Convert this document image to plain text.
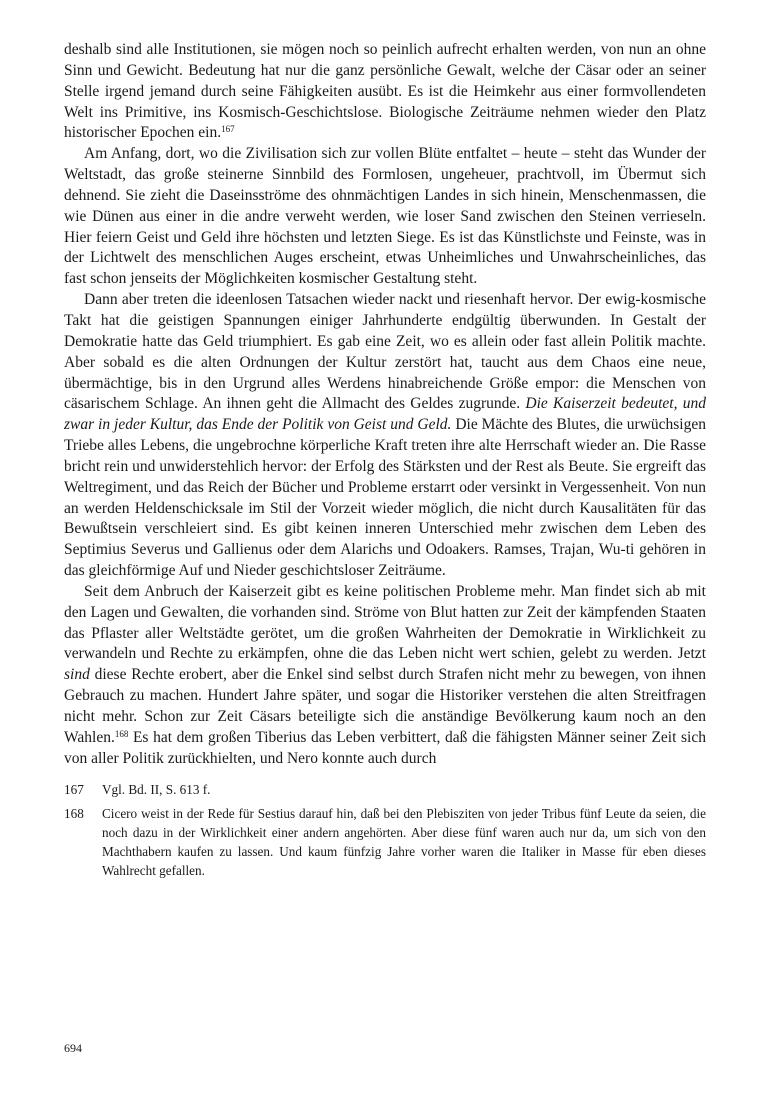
deshalb sind alle Institutionen, sie mögen noch so peinlich aufrecht erhalten werden, von nun an ohne Sinn und Gewicht. Bedeutung hat nur die ganz persönliche Gewalt, welche der Cäsar oder an seiner Stelle irgend jemand durch seine Fähigkeiten ausübt. Es ist die Heimkehr aus einer formvollendeten Welt ins Primitive, ins Kosmisch-Geschichtslose. Biologische Zeiträume nehmen wieder den Platz historischer Epochen ein.$^{167}$

Am Anfang, dort, wo die Zivilisation sich zur vollen Blüte entfaltet – heute – steht das Wunder der Weltstadt, das große steinerne Sinnbild des Formlosen, ungeheuer, prachtvoll, im Übermut sich dehnend. Sie zieht die Daseinsströme des ohnmächtigen Landes in sich hinein, Menschenmassen, die wie Dünen aus einer in die andre verweht werden, wie loser Sand zwischen den Steinen verrieseln. Hier feiern Geist und Geld ihre höchsten und letzten Siege. Es ist das Künstlichste und Feinste, was in der Lichtwelt des menschlichen Auges erscheint, etwas Unheimliches und Unwahrscheinliches, das fast schon jenseits der Möglichkeiten kosmischer Gestaltung steht.

Dann aber treten die ideenlosen Tatsachen wieder nackt und riesenhaft hervor. Der ewig-kosmische Takt hat die geistigen Spannungen einiger Jahrhunderte endgültig überwunden. In Gestalt der Demokratie hatte das Geld triumphiert. Es gab eine Zeit, wo es allein oder fast allein Politik machte. Aber sobald es die alten Ordnungen der Kultur zerstört hat, taucht aus dem Chaos eine neue, übermächtige, bis in den Urgrund alles Werdens hinabreichende Größe empor: die Menschen von cäsarischem Schlage. An ihnen geht die Allmacht des Geldes zugrunde. Die Kaiserzeit bedeutet, und zwar in jeder Kultur, das Ende der Politik von Geist und Geld. Die Mächte des Blutes, die urwüchsigen Triebe alles Lebens, die ungebrochne körperliche Kraft treten ihre alte Herrschaft wieder an. Die Rasse bricht rein und unwiderstehlich hervor: der Erfolg des Stärksten und der Rest als Beute. Sie ergreift das Weltregiment, und das Reich der Bücher und Probleme erstarrt oder versinkt in Vergessenheit. Von nun an werden Heldenschicksale im Stil der Vorzeit wieder möglich, die nicht durch Kausalitäten für das Bewußtsein verschleiert sind. Es gibt keinen inneren Unterschied mehr zwischen dem Leben des Septimius Severus und Gallienus oder dem Alarichs und Odoakers. Ramses, Trajan, Wu-ti gehören in das gleichförmige Auf und Nieder geschichtsloser Zeiträume.

Seit dem Anbruch der Kaiserzeit gibt es keine politischen Probleme mehr. Man findet sich ab mit den Lagen und Gewalten, die vorhanden sind. Ströme von Blut hatten zur Zeit der kämpfenden Staaten das Pflaster aller Weltstädte gerötet, um die großen Wahrheiten der Demokratie in Wirklichkeit zu verwandeln und Rechte zu erkämpfen, ohne die das Leben nicht wert schien, gelebt zu werden. Jetzt sind diese Rechte erobert, aber die Enkel sind selbst durch Strafen nicht mehr zu bewegen, von ihnen Gebrauch zu machen. Hundert Jahre später, und sogar die Historiker verstehen die alten Streitfragen nicht mehr. Schon zur Zeit Cäsars beteiligte sich die anständige Bevölkerung kaum noch an den Wahlen.$^{168}$ Es hat dem großen Tiberius das Leben verbittert, daß die fähigsten Männer seiner Zeit sich von aller Politik zurückhielten, und Nero konnte auch durch

167 Vgl. Bd. II, S. 613 f.

168 Cicero weist in der Rede für Sestius darauf hin, daß bei den Plebisziten von jeder Tribus fünf Leute da seien, die noch dazu in der Wirklichkeit einer andern angehörten. Aber diese fünf waren auch nur da, um sich von den Machthabern kaufen zu lassen. Und kaum fünfzig Jahre vorher waren die Italiker in Masse für eben dieses Wahlrecht gefallen.

694
